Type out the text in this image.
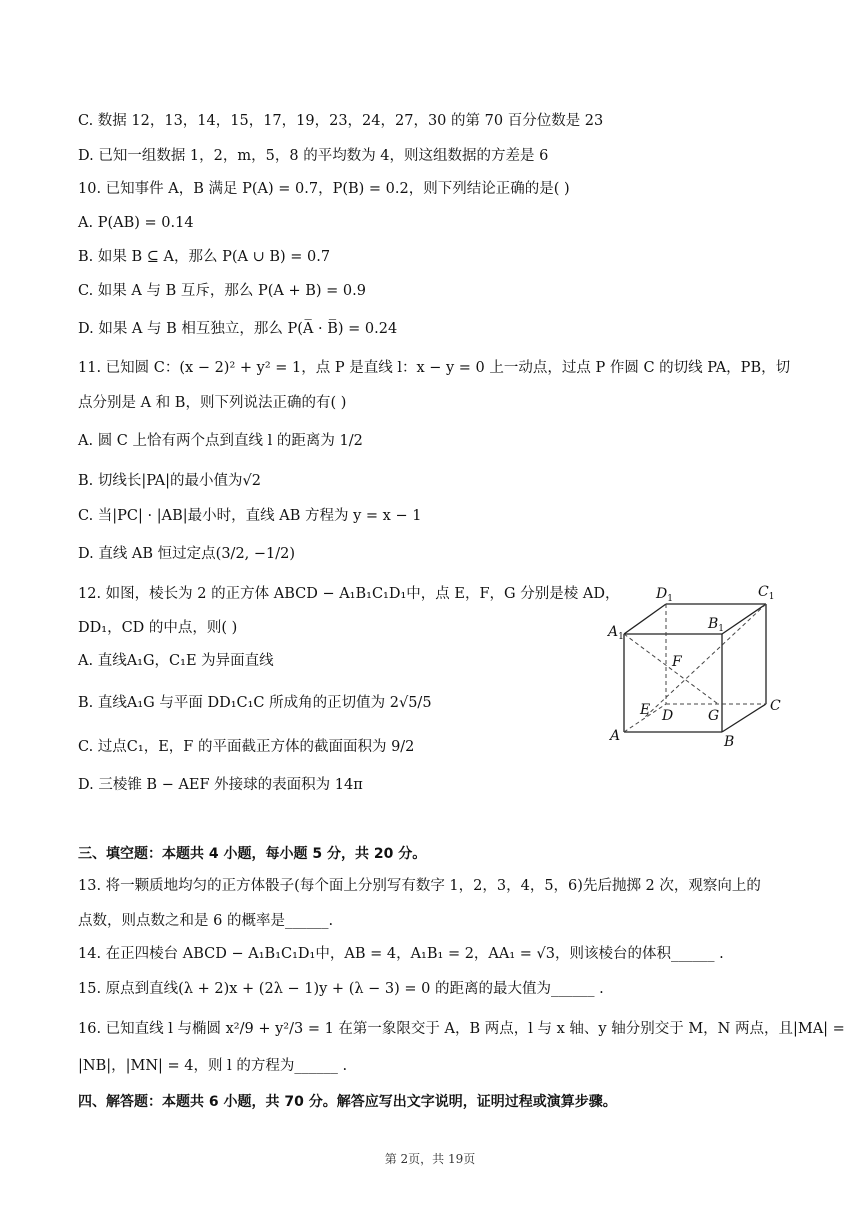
C. 数据 12，13，14，15，17，19，23，24，27，30 的第 70 百分位数是 23
D. 已知一组数据 1，2，m，5，8 的平均数为 4，则这组数据的方差是 6
10. 已知事件 A，B 满足 P(A) = 0.7，P(B) = 0.2，则下列结论正确的是( )
A. P(AB) = 0.14
B. 如果 B ⊆ A，那么 P(A ∪ B) = 0.7
C. 如果 A 与 B 互斥，那么 P(A + B) = 0.9
D. 如果 A 与 B 相互独立，那么 P(A̅ · B̅) = 0.24
11. 已知圆 C：(x − 2)² + y² = 1，点 P 是直线 l：x − y = 0 上一动点，过点 P 作圆 C 的切线 PA，PB，切
点分别是 A 和 B，则下列说法正确的有( )
A. 圆 C 上恰有两个点到直线 l 的距离为 1/2
B. 切线长|PA|的最小值为√2
C. 当|PC| · |AB|最小时，直线 AB 方程为 y = x − 1
D. 直线 AB 恒过定点(3/2, −1/2)
12. 如图，棱长为 2 的正方体 ABCD − A₁B₁C₁D₁中，点 E，F，G 分别是棱 AD，
DD₁，CD 的中点，则( )
A. 直线A₁G，C₁E 为异面直线
B. 直线A₁G 与平面 DD₁C₁C 所成角的正切值为 2√5/5
C. 过点C₁，E，F 的平面截正方体的截面面积为 9/2
D. 三棱锥 B − AEF 外接球的表面积为 14π
三、填空题：本题共 4 小题，每小题 5 分，共 20 分。
13. 将一颗质地均匀的正方体骰子(每个面上分别写有数字 1，2，3，4，5，6)先后抛掷 2 次，观察向上的
点数，则点数之和是 6 的概率是______.
14. 在正四棱台 ABCD − A₁B₁C₁D₁中，AB = 4，A₁B₁ = 2，AA₁ = √3，则该棱台的体积______ .
15. 原点到直线(λ + 2)x + (2λ − 1)y + (λ − 3) = 0 的距离的最大值为______ .
16. 已知直线 l 与椭圆 x²/9 + y²/3 = 1 在第一象限交于 A，B 两点，l 与 x 轴、y 轴分别交于 M，N 两点，且|MA| =
|NB|，|MN| = 4，则 l 的方程为______ .
四、解答题：本题共 6 小题，共 70 分。解答应写出文字说明，证明过程或演算步骤。
$D_1$	$C_1$
$A_1$
$B_1$
F
E D G
C
A	B
第 2页，共 19页
